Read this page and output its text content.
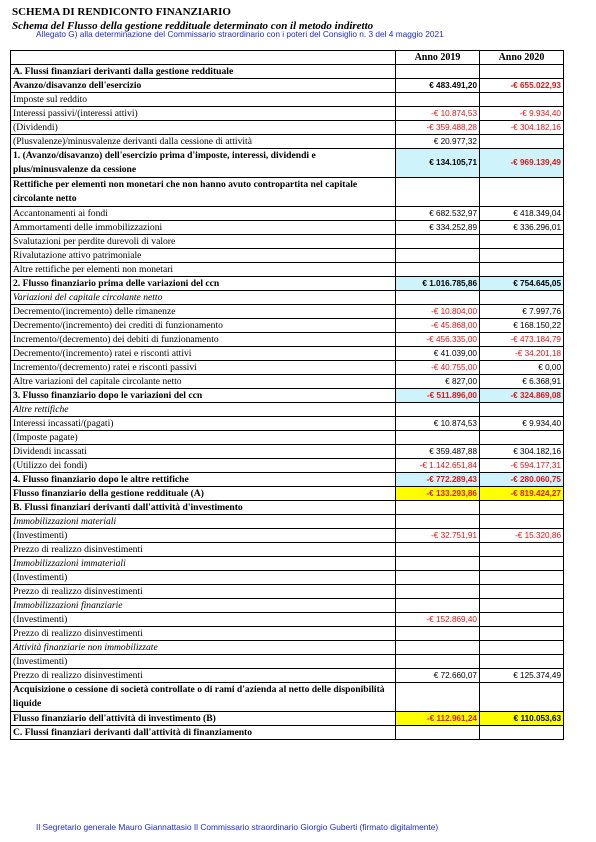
SCHEMA DI RENDICONTO FINANZIARIO
Schema del Flusso della gestione reddituale determinato con il metodo indiretto
Allegato G) alla determinazione del Commissario straordinario con i poteri del Consiglio n. 3 del 4 maggio 2021
	Anno 2019	Anno 2020
A. Flussi finanziari derivanti dalla gestione reddituale		
Avanzo/disavanzo dell'esercizio	€ 483.491,20	-€ 655.022,93
Imposte sul reddito		
Interessi passivi/(interessi attivi)	-€ 10.874,53	-€ 9.934,40
(Dividendi)	-€ 359.488,28	-€ 304.182,16
(Plusvalenze)/minusvalenze derivanti dalla cessione di attività	€ 20.977,32	
1. (Avanzo/disavanzo) dell'esercizio prima d'imposte, interessi, dividendi e plus/minusvalenze da cessione	€ 134.105,71	-€ 969.139,49
Rettifiche per elementi non monetari che non hanno avuto contropartita nel capitale circolante netto		
Accantonamenti ai fondi	€ 682.532,97	€ 418.349,04
Ammortamenti delle immobilizzazioni	€ 334.252,89	€ 336.296,01
Svalutazioni per perdite durevoli di valore		
Rivalutazione attivo patrimoniale		
Altre rettifiche per elementi non monetari		
2. Flusso finanziario prima delle variazioni del ccn	€ 1.016.785,86	€ 754.645,05
Variazioni del capitale circolante netto		
Decremento/(incremento) delle rimanenze	-€ 10.804,00	€ 7.997,76
Decremento/(incremento) dei crediti di funzionamento	-€ 45.868,00	€ 168.150,22
Incremento/(decremento) dei debiti di funzionamento	-€ 456.335,00	-€ 473.184,79
Decremento/(incremento) ratei e risconti attivi	€ 41.039,00	-€ 34.201,18
Incremento/(decremento) ratei e risconti passivi	-€ 40.755,00	€ 0,00
Altre variazioni del capitale circolante netto	€ 827,00	€ 6.368,91
3. Flusso finanziario dopo le variazioni del ccn	-€ 511.896,00	-€ 324.869,08
Altre rettifiche		
Interessi incassati/(pagati)	€ 10.874,53	€ 9.934,40
(Imposte pagate)		
Dividendi incassati	€ 359.487,88	€ 304.182,16
(Utilizzo dei fondi)	-€ 1.142.651,84	-€ 594.177,31
4. Flusso finanziario dopo le altre rettifiche	-€ 772.289,43	-€ 280.060,75
Flusso finanziario della gestione reddituale (A)	-€ 133.293,86	-€ 819.424,27
B. Flussi finanziari derivanti dall'attività d'investimento		
Immobilizzazioni materiali		
(Investimenti)	-€ 32.751,91	-€ 15.320,86
Prezzo di realizzo disinvestimenti		
Immobilizzazioni immateriali		
(Investimenti)		
Prezzo di realizzo disinvestimenti		
Immobilizzazioni finanziarie		
(Investimenti)	-€ 152.869,40	
Prezzo di realizzo disinvestimenti		
Attività finanziarie non immobilizzate		
(Investimenti)		
Prezzo di realizzo disinvestimenti	€ 72.660,07	€ 125.374,49
Acquisizione o cessione di società controllate o di rami d'azienda al netto delle disponibilità liquide		
Flusso finanziario dell'attività di investimento (B)	-€ 112.961,24	€ 110.053,63
C. Flussi finanziari derivanti dall'attività di finanziamento		
Il Segretario generale Mauro Giannattasio Il Commissario straordinario Giorgio Guberti (firmato digitalmente)
